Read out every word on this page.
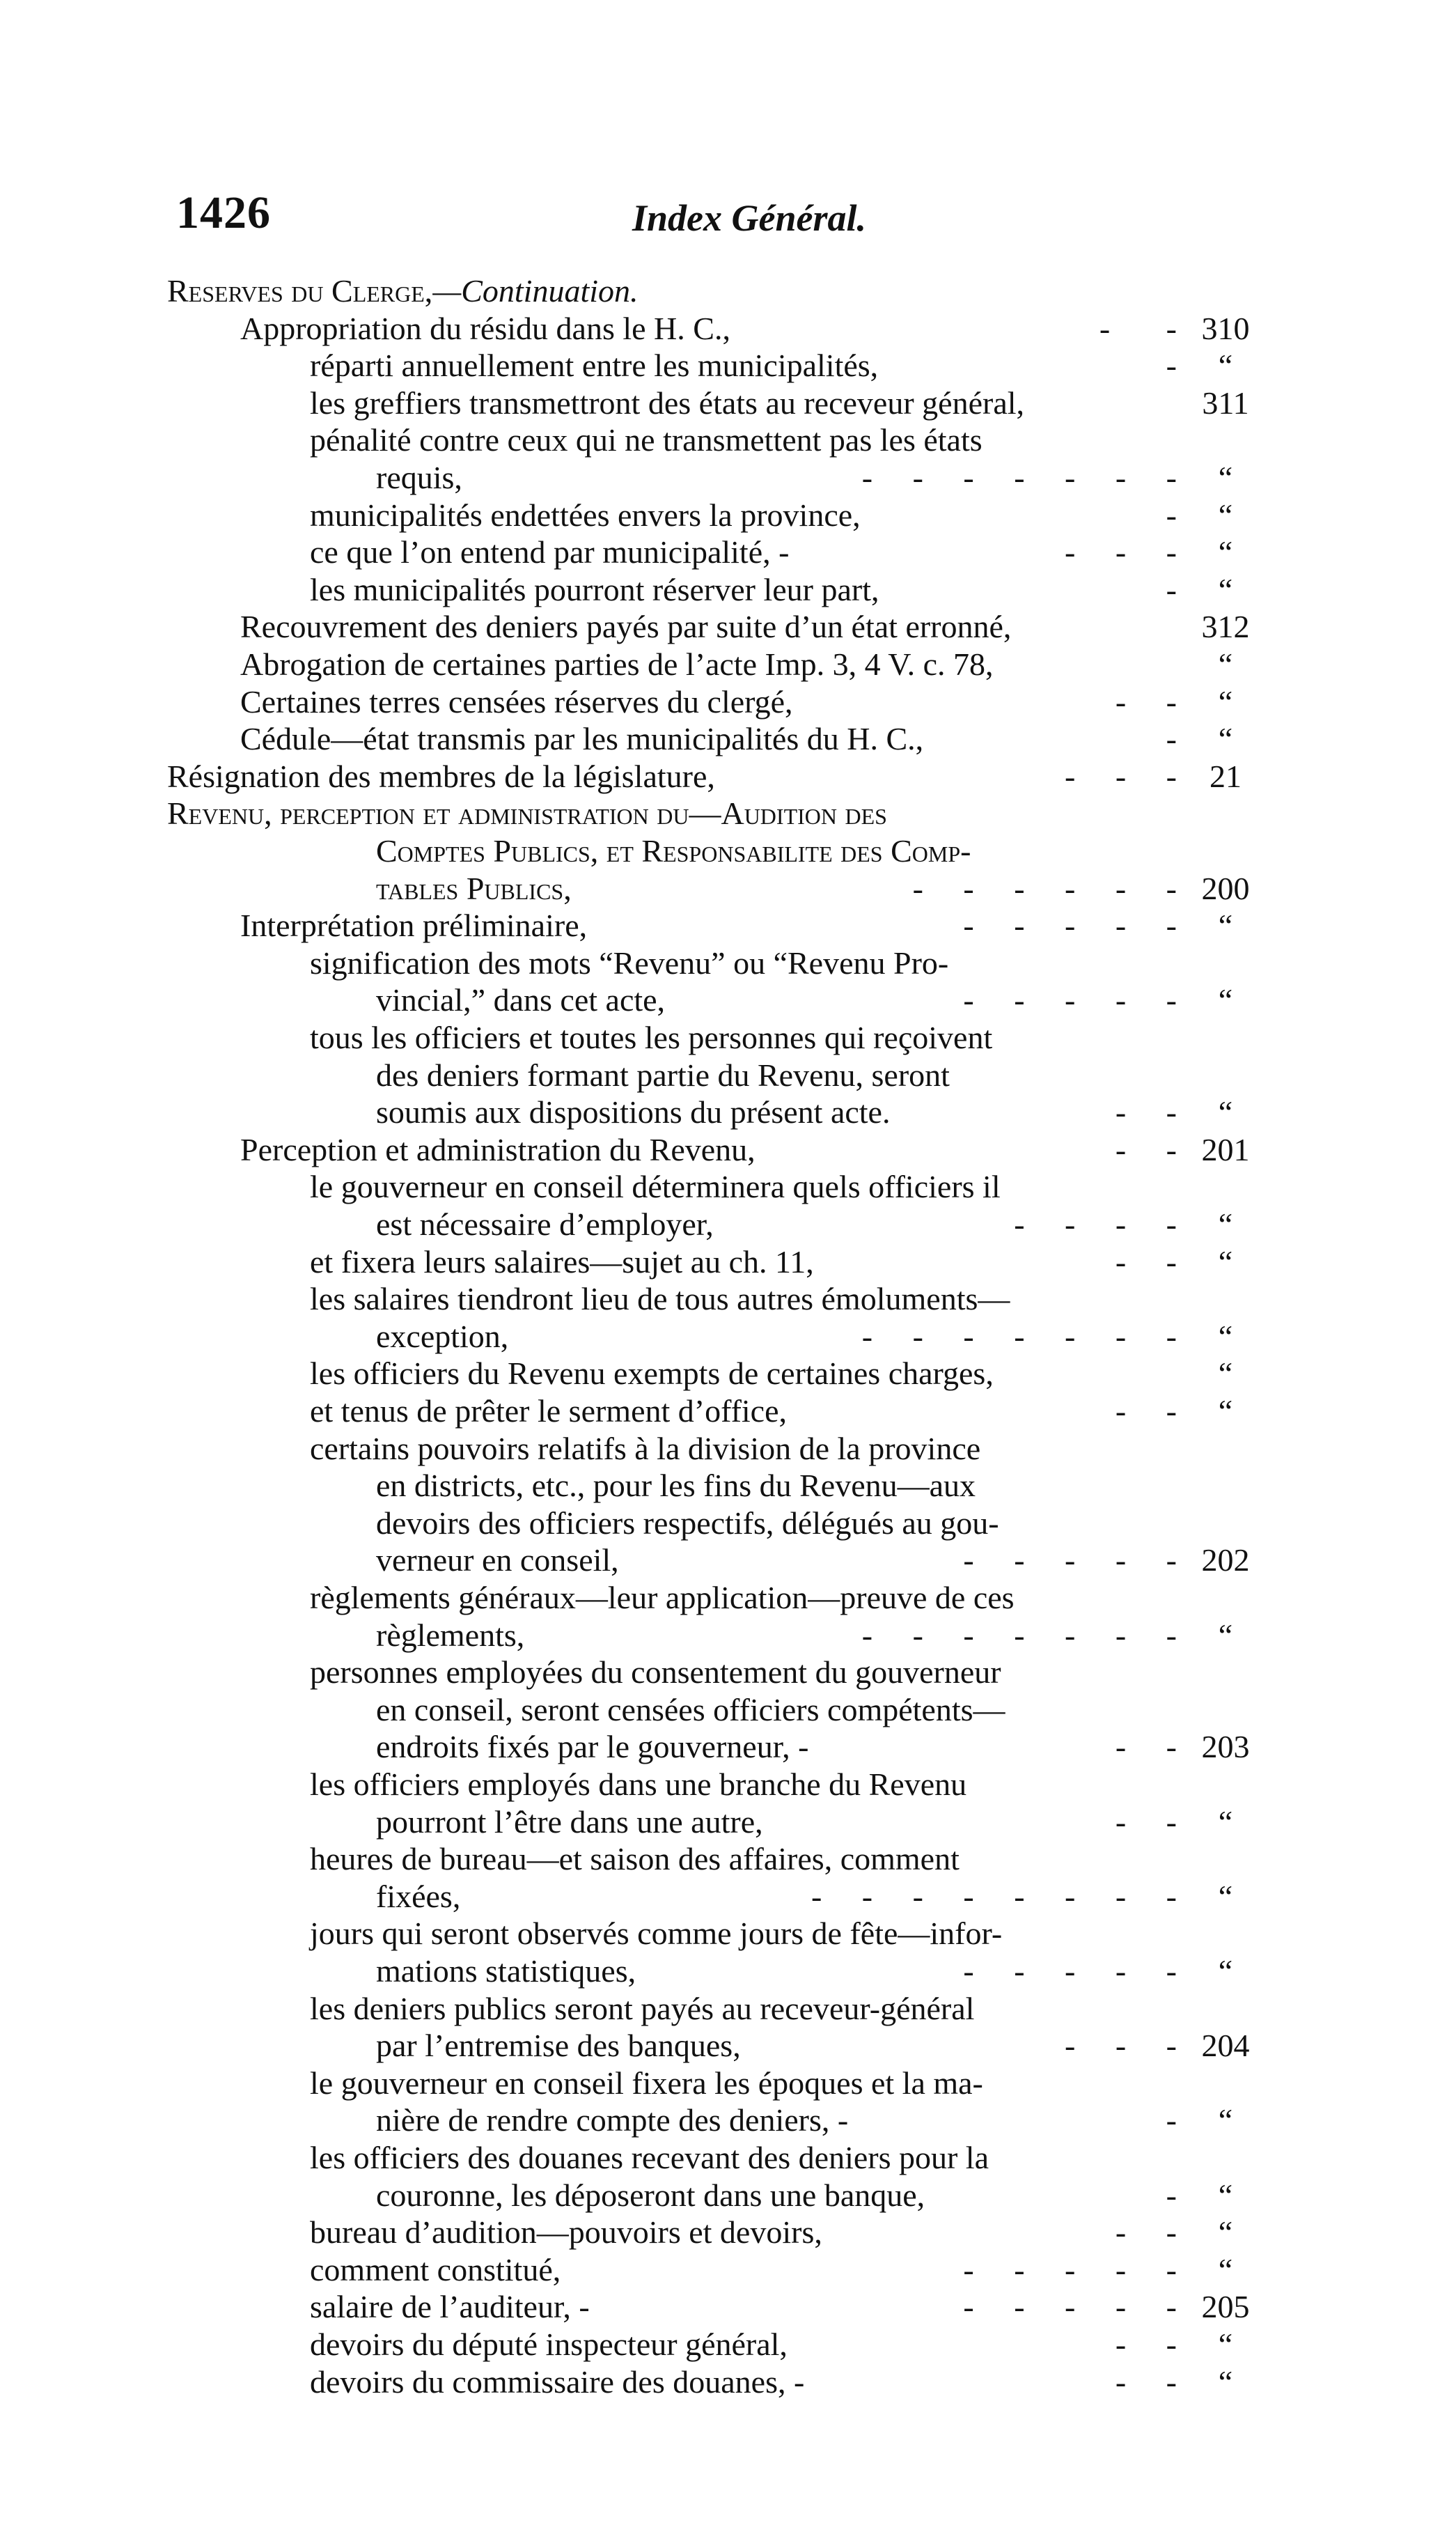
1426	Index Général.
Reserves du Clerge,—Continuation.
Appropriation du résidu dans le H. C.,	-       - 310
réparti annuellement entre les municipalités,	-	“
les greffiers transmettront des états au receveur général,	311
pénalité contre ceux qui ne transmettent pas les états
requis,	-     -     -     -     -     -     -	“
municipalités endettées envers la province,	-	“
ce que l’on entend par municipalité, -	-     -     -	“
les municipalités pourront réserver leur part,	-	“
Recouvrement des deniers payés par suite d’un état erronné,	312
Abrogation de certaines parties de l’acte Imp. 3, 4 V. c. 78,	“
Certaines terres censées réserves du clergé,	-     -	“
Cédule—état transmis par les municipalités du H. C.,	-	“
Résignation des membres de la législature,	-     -     -	21
Revenu, perception et administration du—Audition des
Comptes Publics, et Responsabilite des Comp-
tables Publics,	-     -     -     -     -     - 200
Interprétation préliminaire,	-     -     -     -     -	“
signification des mots “Revenu” ou “Revenu Pro-
vincial,” dans cet acte,	-     -     -     -     -	“
tous les officiers et toutes les personnes qui reçoivent
des deniers formant partie du Revenu, seront
soumis aux dispositions du présent acte.	-     -	“
Perception et administration du Revenu,	-     - 201
le gouverneur en conseil déterminera quels officiers il
est nécessaire d’employer,	-     -     -     -	“
et fixera leurs salaires—sujet au ch. 11,	-     -	“
les salaires tiendront lieu de tous autres émoluments—
exception,	-     -     -     -     -     -     -	“
les officiers du Revenu exempts de certaines charges,	“
et tenus de prêter le serment d’office,	-     -	“
certains pouvoirs relatifs à la division de la province
en districts, etc., pour les fins du Revenu—aux
devoirs des officiers respectifs, délégués au gou-
verneur en conseil,	-     -     -     -     - 202
règlements généraux—leur application—preuve de ces
règlements,	-     -     -     -     -     -     -	“
personnes employées du consentement du gouverneur
en conseil, seront censées officiers compétents—
endroits fixés par le gouverneur, -	-     - 203
les officiers employés dans une branche du Revenu
pourront l’être dans une autre,	-     -	“
heures de bureau—et saison des affaires, comment
fixées,	-     -     -     -     -     -     -     -	“
jours qui seront observés comme jours de fête—infor-
mations statistiques,	-     -     -     -     -	“
les deniers publics seront payés au receveur-général
par l’entremise des banques,	-     -     - 204
le gouverneur en conseil fixera les époques et la ma-
nière de rendre compte des deniers, -	-	“
les officiers des douanes recevant des deniers pour la
couronne, les déposeront dans une banque,	-	“
bureau d’audition—pouvoirs et devoirs,	-     -	“
comment constitué,	-     -     -     -     -	“
salaire de l’auditeur, -	-     -     -     -     - 205
devoirs du député inspecteur général,	-     -	“
devoirs du commissaire des douanes, -	-     -	“
